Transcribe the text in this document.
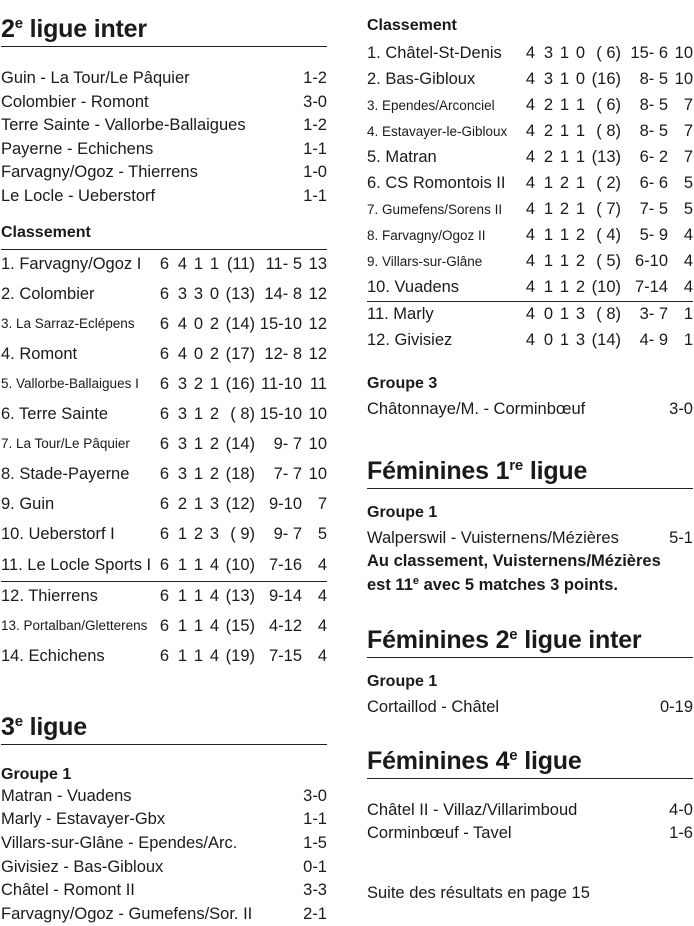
2e ligue inter
Guin - La Tour/Le Pâquier	1-2
Colombier - Romont	3-0
Terre Sainte - Vallorbe-Ballaigues	1-2
Payerne - Echichens	1-1
Farvagny/Ogoz - Thierrens	1-0
Le Locle - Ueberstorf	1-1
Classement
1. Farvagny/Ogoz I 6 4 1 1 (11) 11- 5 13
2. Colombier	6 3 3 0 (13) 14- 8 12
3. La Sarraz-Eclépens 6 4 0 2 (14) 15-10 12
4. Romont	6 4 0 2 (17) 12- 8 12
5. Vallorbe-Ballaigues I 6 3 2 1 (16) 11-10 11
6. Terre Sainte	6 3 1 2 ( 8) 15-10 10
7. La Tour/Le Pâquier 6 3 1 2 (14)	9- 7 10
8. Stade-Payerne 6 3 1 2 (18)	7- 7 10
9. Guin	6 2 1 3 (12) 9-10 7
10. Ueberstorf I	6 1 2 3 ( 9)	9- 7 5
11. Le Locle Sports I 6 1 1 4 (10) 7-16 4
12. Thierrens	6 1 1 4 (13) 9-14 4
13. Portalban/Gletterens 6 1 1 4 (15) 4-12 4
14. Echichens	6 1 1 4 (19) 7-15 4
3e ligue
Groupe 1
Matran - Vuadens	3-0
Marly - Estavayer-Gbx	1-1
Villars-sur-Glâne - Ependes/Arc.	1-5
Givisiez - Bas-Gibloux	0-1
Châtel - Romont II	3-3
Farvagny/Ogoz - Gumefens/Sor. II	2-1
Classement
1. Châtel-St-Denis 4 3 1 0 ( 6) 15- 6 10
2. Bas-Gibloux	4 3 1 0 (16)	8- 5 10
3. Ependes/Arconciel 4 2 1 1 ( 6)	8- 5 7
4. Estavayer-le-Gibloux 4 2 1 1 ( 8)	8- 5 7
5. Matran	4 2 1 1 (13)	6- 2 7
6. CS Romontois II 4 1 2 1 ( 2)	6- 6 5
7. Gumefens/Sorens II 4 1 2 1 ( 7)	7- 5 5
8. Farvagny/Ogoz II 4 1 1 2 ( 4)	5- 9 4
9. Villars-sur-Glâne	4 1 1 2 ( 5) 6-10 4
10. Vuadens	4 1 1 2 (10) 7-14 4
11. Marly	4 0 1 3 ( 8)	3- 7 1
12. Givisiez	4 0 1 3 (14)	4- 9 1
Groupe 3
Châtonnaye/M. - Corminbœuf	3-0
Féminines 1re ligue
Groupe 1
Walperswil - Vuisternens/Mézières	5-1
Au classement, Vuisternens/Mézières
est 11e avec 5 matches 3 points.
Féminines 2e ligue inter
Groupe 1
Cortaillod - Châtel	0-19
Féminines 4e ligue
Châtel II - Villaz/Villarimboud	4-0
Corminbœuf - Tavel	1-6
Suite des résultats en page 15
